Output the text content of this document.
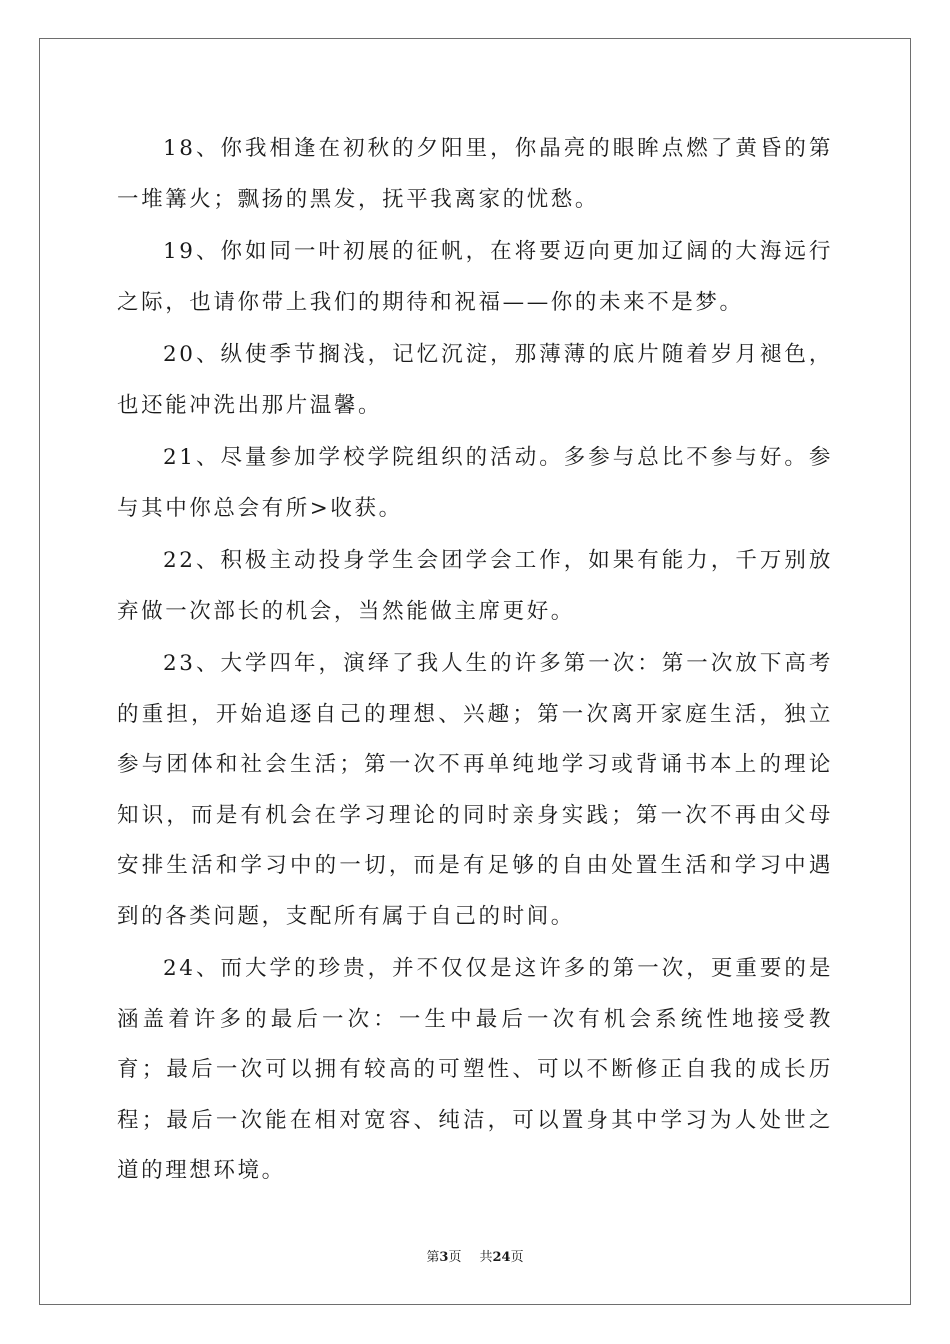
18、你我相逢在初秋的夕阳里，你晶亮的眼眸点燃了黄昏的第一堆篝火；飘扬的黑发，抚平我离家的忧愁。

19、你如同一叶初展的征帆，在将要迈向更加辽阔的大海远行之际，也请你带上我们的期待和祝福——你的未来不是梦。

20、纵使季节搁浅，记忆沉淀，那薄薄的底片随着岁月褪色，也还能冲洗出那片温馨。

21、尽量参加学校学院组织的活动。多参与总比不参与好。参与其中你总会有所>收获。

22、积极主动投身学生会团学会工作，如果有能力，千万别放弃做一次部长的机会，当然能做主席更好。

23、大学四年，演绎了我人生的许多第一次：第一次放下高考的重担，开始追逐自己的理想、兴趣；第一次离开家庭生活，独立参与团体和社会生活；第一次不再单纯地学习或背诵书本上的理论知识，而是有机会在学习理论的同时亲身实践；第一次不再由父母安排生活和学习中的一切，而是有足够的自由处置生活和学习中遇到的各类问题，支配所有属于自己的时间。

24、而大学的珍贵，并不仅仅是这许多的第一次，更重要的是涵盖着许多的最后一次：一生中最后一次有机会系统性地接受教育；最后一次可以拥有较高的可塑性、可以不断修正自我的成长历程；最后一次能在相对宽容、纯洁，可以置身其中学习为人处世之道的理想环境。

第3页 共24页
